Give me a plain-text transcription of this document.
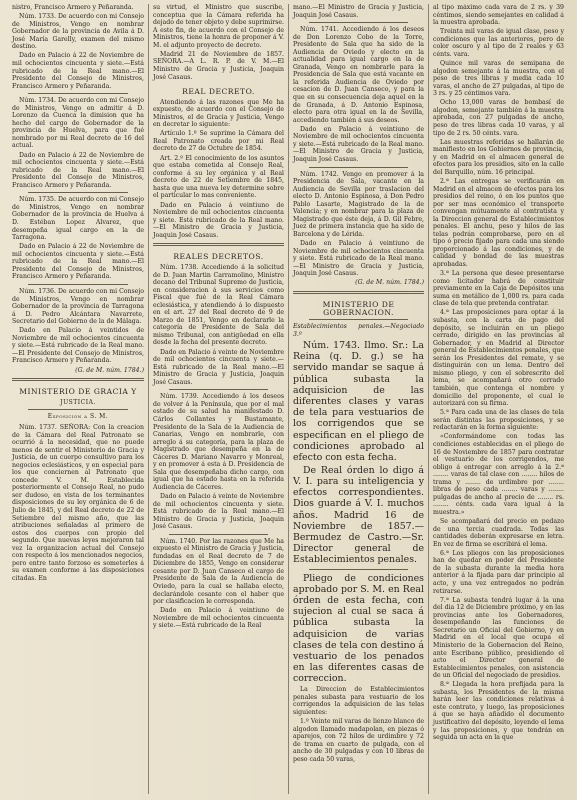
nistro, Francisco Armero y Peñaranda.

Núm. 1733. De acuerdo con mi Consejo de Ministros, Vengo en nombrar Gobernador de la provincia de Avila á D. José María Garelly, examen del mismo destino.

Dado en Palacio á 22 de Noviembre de mil ochocientos cincuenta y siete.—Está rubricado de la Real mano.—El Presidente del Consejo de Ministros, Francisco Armero y Peñaranda.

Núm. 1734. De acuerdo con mi Consejo de Ministros, Vengo en admitir á D. Lorenzo da Cuenca la dimision que ha hecho del cargo de Gobernador de la provincia de Huelva, para que fué nombrado por mi Real decreto de 16 del actual.

Dado en Palacio á 22 de Noviembre de mil ochocientos cincuenta y siete.—Está rubricado de la Real mano.—El Presidente del Consejo de Ministros, Francisco Armero y Peñaranda.

Núm. 1735. De acuerdo con mi Consejo de Ministros, Vengo en nombrar Gobernador de la provincia de Huelva á D. Estéban Lopez Alvarez, que desempeña igual cargo en la de Tarragona.

Dado en Palacio á 22 de Noviembre de mil ochocientos cincuenta y siete.—Está rubricado de la Real mano.—El Presidente del Consejo de Ministros, Francisco Armero y Peñaranda.

Núm. 1736. De acuerdo con mi Consejo de Ministros, Vengo en nombrar Gobernador de la provincia de Tarragona á D. Pedro Alcántara Navarrete, Secretario del Gobierno de la de Málaga.

Dado en Palacio á veintidos de Noviembre de mil ochocientos cincuenta y siete.—Está rubricado de la Real mano.—El Presidente del Consejo de Ministros, Francisco Armero y Peñaranda.

(G. de M. núm. 1784.)

MINISTERIO DE GRACIA Y
JUSTICIA.
Exposicion a S. M.

Núm. 1737. SEÑORA: Con la creacion de la Cámara del Real Patronato se ocurrió á la necesidad, que no puede menos de sentir el Ministerio de Gracia y Justicia, de un cuerpo consultivo para los negocios eclesiásticos, y en especial para los que conciernen al Patronato que concede V. M. Establecida posteriormente el Consejo Real, no pudo ser dudoso, en vista de los terminantes disposiciones de su ley orgánica de 6 de Julio de 1845, y del Real decreto de 22 de Setiembre del mismo año, que las atribuciones señaladas al primero de estos dos cuerpos con propio del segundo. Que nuevas leyes mejoraron tal vez la organizacion actual del Consejo con respecto á los mencionados negocios, pero entre tanto forzoso es someterles á su examen conforme á las disposiciones citadas. En

su virtud, el Ministro que suscribe, conceptua que la Cámara referida ha dejado de tener objeto y debe suprimirse. A este fin, de acuerdo con el Consejo de Ministros, tiene la honra de proponer á V. M. el adjunto proyecto de decreto.

Madrid 21 de Noviembre de 1857. SEÑORA.—A L. R. P. de V. M.—El Ministro de Gracia y Justicia, Joaquin José Casaus.

REAL DECRETO.

Atendiendo á las razones que Me ha expuesto, de acuerdo con el Consejo de Ministros, el de Gracia y Justicia, Vengo en decretar lo siguiente:

Artículo 1.º Se suprime la Cámara del Real Patronato creada por mi Real decreto de 27 de Octubre de 1854.

Art. 2.º El conocimiento de los asuntos que estaba cometida al Consejo Real, conforme á su ley orgánica y al Real decreto de 22 de Setiembre de 1845, hasta que una nueva ley determine sobre el particular lo mas conveniente.

Dado en Palacio á veintiuno de Noviembre de mil ochocientos cincuenta y siete. Está rubricado de la Real mano.—El Ministro de Gracia y Justicia, Joaquin José Casaus.

REALES DECRETOS.

Núm. 1738. Accediendo á la solicitud de D. Juan Martin Carramolino, Ministro decano del Tribunal Supremo de Justicia, en consideracion á sus servicios como Fiscal que fué de la Real Cámara eclesiástica, y atendiendo á lo dispuesto en el art. 27 del Real decreto de 9 de Marzo de 1851, Vengo en declararle la categoría de Presidente de Sala del mismo Tribunal, con antigüedad en ella desde la fecha del presente decreto.

Dado en Palacio á veinte de Noviembre de mil ochocientos cincuenta y siete.—Está rubricado de la Real mano.—El Ministro de Gracia y Justicia, Joaquin José Casaus.

Núm. 1739. Accediendo á los deseos de volver á la Península, que por el mal estado de su salud ha manifestado D. Cárlos Collantes y Bustamante, Presidente de la Sala de la Audiencia de Canarias, Vengo en nombrarle, con arreglo á su categoría, para la plaza de Magistrado que desempeña en la de Cáceres D. Mariano Navarro y Monreal, y en promover á esta á D. Presidencia de Sala que desempeñaba dicho cargo, con igual que ha estado hasta en la referida Audiencia de Cáceres.

Dado en Palacio á veinte de Noviembre de mil ochocientos cincuenta y siete. Está rubricado de la Real mano.—El Ministro de Gracia y Justicia, Joaquin José Casaus.

Núm. 1740. Por las razones que Me ha expuesto el Ministro de Gracia y Justicia, fundadas en el Real decreto de 7 de Diciembre de 1855, Vengo en considerar cesante por D. Juan Canseco el cargo de Presidente de Sala de la Audiencia de Oviedo, para la cual se hallaba electo, declarándole cesante con el haber que por clasificacion le corresponda.

Dado en Palacio á veintiuno de Noviembre de mil ochocientos cincuenta y siete.—Está rubricado de la Real

mano.—El Ministro de Gracia y Justicia, Joaquin José Casaus.

Núm. 1741. Accediendo á los deseos de Don Lorenzo Cobo de la Torre, Presidente de Sala que ha sido de la Audiencia de Oviedo y electo en la actualidad para igual cargo en la de Granada, Vengo en nombrarle para la Presidencia de Sala que está vacante en la referida Audiencia de Oviedo por cesacion de D. Juan Canseco, y para la que en su consecuencia deja aquel en la de Granada, á D. Antonio Espinosa, electo para otra igual en la de Sevilla, accediendo también á sus deseos.

Dado en Palacio á veintiuno de Noviembre de mil ochocientos cincuenta y siete.—Está rubricado de la Real mano.—El Ministro de Gracia y Justicia, Joaquin José Casaus.

Núm. 1742. Vengo en promover á la Presidencia de Sala, vacante en la Audiencia de Sevilla por traslacion del electo D. Antonio Espinosa, á Don Pedro Pablo Lasarte, Magistrado de la de Valencia; y en nombrar para la plaza de Magistrado que éste deja, á D. Gil Febre, Juez de primera instancia que ha sido de Barcelona y de Lérida.

Dado en Palacio á veintiuno de Noviembre de mil ochocientos cincuenta y siete. Está rubricado de la Real mano.—El Ministro de Gracia y Justicia, Joaquin José Casaus.

(G. de M. núm. 1784.)

MINISTERIO DE GOBERNACION.

Establecimientos penales.—Negociado 3.º

Núm. 1743. Ilmo. Sr.: La Reina (q. D. g.) se ha servido mandar se saque á pública subasta la adquisicion de las diferentes clases y varas de tela para vestuarios de los corrigendos que se especifican en el pliego de condiciones aprobado al efecto con esta fecha.

De Real órden lo digo á V. I. para su inteligencia y efectos correspondientes. Dios guarde á V. I. muchos años. Madrid 16 de Noviembre de 1857.—Bermudez de Castro.—Sr. Director general de Establecimientos penales.

Pliego de condiciones aprobado por S. M. en Real órden de esta fecha, con sujecion al cual se saca á pública subasta la adquisicion de varias clases de tela con destino á vestuario de los penados en las diferentes casas de correccion.

La Direccion de Establecimientos penales subasta para vestuario de los corrigendos la adquisicion de las telas siguientes:

1.º Veinte mil varas de lienzo blanco de algodon llamado madapolan, en piezas ó aparejos, con 72 hilos de urdimbre y 72 de trama en cuarto de pulgada, con el ancho de 30 pulgadas y con 10 libras de peso cada 50 varas,

al tipo máximo cada vara de 2 rs. y 39 céntimos, siendo semejantes en calidad á la muestra aprobada.

Treinta mil varas de igual clase, peso y condiciones que las anteriores, pero de color oscuro y al tipo de 2 reales y 63 cénts. vara.

Quince mil varas de semipana de algodon semejante á la muestra, con el peso de tres libras y media cada 10 varas, el ancho de 27 pulgadas, al tipo de 3 rs. y 25 céntimos vara.

Ocho 13,000 varas de bombasí de algodon, semejante también á la muestra aprobada, con 27 pulgadas de ancho, peso de tres libras cada 10 varas, y al tipo de 2 rs. 50 cénts. vara.

Las muestras referidas se hallarán de manifiesto en los Gobiernos de provincia, y en Madrid en el almacen general de efectos para los presidios, sito en la calle del Barquillo, núm. 16 principal.

2.ª Las entregas se verificarán en Madrid en el almacen de efectos para los presidios del reino, ó en los puntos que por ser mas económico el transporte convengan mútuamente al contratista y la Direccion general de Establecimientos penales. El anchu, peso y hilos de las telas podrán comprobarse, pero en el tipo ó precio fijado para cada una siendo proporcionado á las condiciones, y de calidad y bondad de las muestras aprobadas.

3.ª La persona que desee presentarse como licitador habrá de constituir previamente en la Caja de Depósitos una suma en metálico de 1,000 rs. para cada clase de tela que pretenda contratar.

4.ª Las proposiciones para optar á la subasta, con la carta de pago del depósito, se incluirán en un pliego cerrado, dirigido en las provincias al Gobernador, y en Madrid al Director general de Establecimientos penales, que serán los Presidentes del remate, y se distinguirán con un lema. Dentro del mismo pliego, y con el sobrescrito del lema, se acompañará otro cerrado también, que contenga el nombre y domicilio del proponente, el cual le autorizará con su firma.

5.ª Para cada una de las clases de tela serán distintas las proposiciones, y se redactarán en la forma siguiente:

«Conformándome con todas las condiciones establecidas en el pliego de 16 de Noviembre de 1857 para contratar el vestuario de los corrigendos, me obligo á entregar con arreglo á la 2.ª ........ varas de tal clase con ........ hilos de trama y ........ de urdimbre por ........ libras de peso cada ........ varas y ........ pulgadas de ancho al precio de ........ rs. ........ cénts. cada vara igual á la muestra.»

Se acompañará del precio en pedazo de una tercia cuadrada. Todas las cantidades deberán expresarse en letra. En vez de firma se escribirá el lema.

6.ª Los pliegos con las proposiciones han de quedar en poder del Presidente de la subasta durante la media hora anterior á la fijada para dar principio al acto, y una vez entregados no podrán retirarse.

7.ª La subasta tendrá lugar á la una del dia 12 de Diciembre próximo, y en las provincias ante los Gobernadores, desempeñando las funciones de Secretario un Oficial del Gobierno, y en Madrid en el local que ocupa el Ministerio de la Gobernacion del Reino, ante Escribano público, presidiendo el acto el Director general de Establecimientos penales, con asistencia de un Oficial del negociado de presidios.

8.ª Llegada la hora prefijada para la subasta, los Presidentes de la misma harán leer las condiciones relativas á este contrato, y luego, las proposiciones á que se haya añadido el documento justificativo del depósito, leyendo el lema y las proposiciones, y que tendrán en seguida un acta en la que
